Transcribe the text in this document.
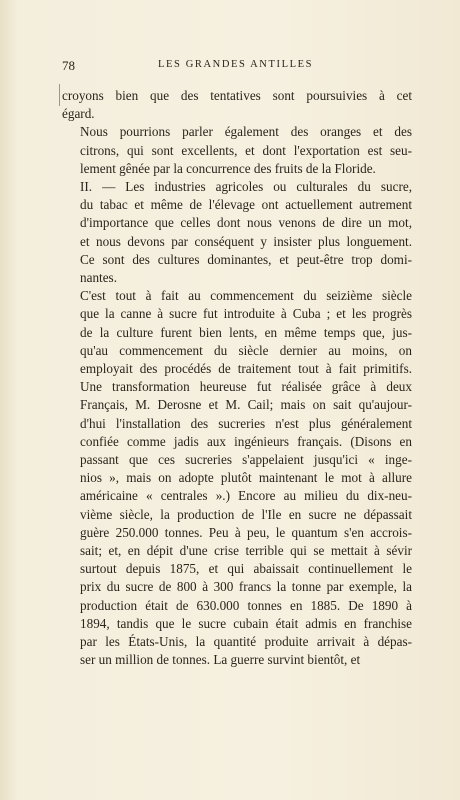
78	LES GRANDES ANTILLES

croyons bien que des tentatives sont poursuivies à cet
égard.

Nous pourrions parler également des oranges et des
citrons, qui sont excellents, et dont l'exportation est seu-
lement gênée par la concurrence des fruits de la Floride.

II. — Les industries agricoles ou culturales du sucre,
du tabac et même de l'élevage ont actuellement autrement
d'importance que celles dont nous venons de dire un mot,
et nous devons par conséquent y insister plus longuement.
Ce sont des cultures dominantes, et peut-être trop domi-
nantes.

C'est tout à fait au commencement du seizième siècle
que la canne à sucre fut introduite à Cuba ; et les progrès
de la culture furent bien lents, en même temps que, jus-
qu'au commencement du siècle dernier au moins, on
employait des procédés de traitement tout à fait primitifs.
Une transformation heureuse fut réalisée grâce à deux
Français, M. Derosne et M. Cail; mais on sait qu'aujour-
d'hui l'installation des sucreries n'est plus généralement
confiée comme jadis aux ingénieurs français. (Disons en
passant que ces sucreries s'appelaient jusqu'ici « inge-
nios », mais on adopte plutôt maintenant le mot à allure
américaine « centrales ».) Encore au milieu du dix-neu-
vième siècle, la production de l'Ile en sucre ne dépassait
guère 250.000 tonnes. Peu à peu, le quantum s'en accrois-
sait; et, en dépit d'une crise terrible qui se mettait à sévir
surtout depuis 1875, et qui abaissait continuellement le
prix du sucre de 800 à 300 francs la tonne par exemple, la
production était de 630.000 tonnes en 1885. De 1890 à
1894, tandis que le sucre cubain était admis en franchise
par les États-Unis, la quantité produite arrivait à dépas-
ser un million de tonnes. La guerre survint bientôt, et
